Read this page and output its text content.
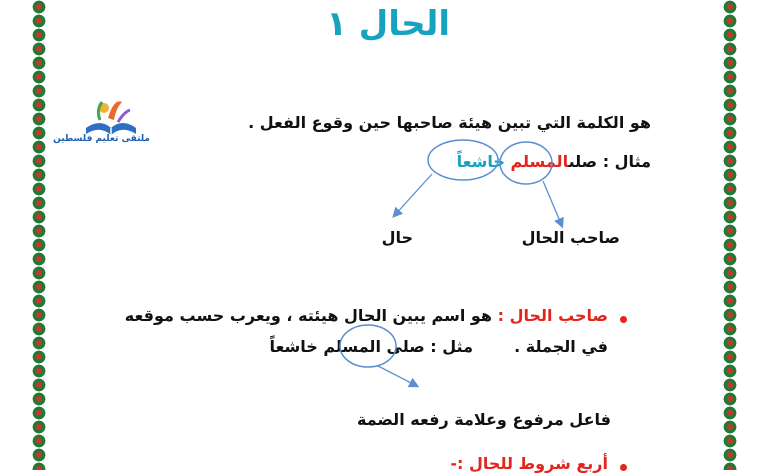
ملتقى تعليم فلسطين
الحال ١
هو الكلمة التي تبين هيئة صاحبها حين وقوع الفعل .
مثال : صلىالمسلم خاشعاً
صاحب الحال
حال
صاحب الحال : هو اسم يبين الحال هيئته ، ويعرب حسب موقعه
في الجملة .  مثل : صلى المسلم خاشعاً
فاعل مرفوع وعلامة رفعه الضمة
أربع شروط للحال :-
